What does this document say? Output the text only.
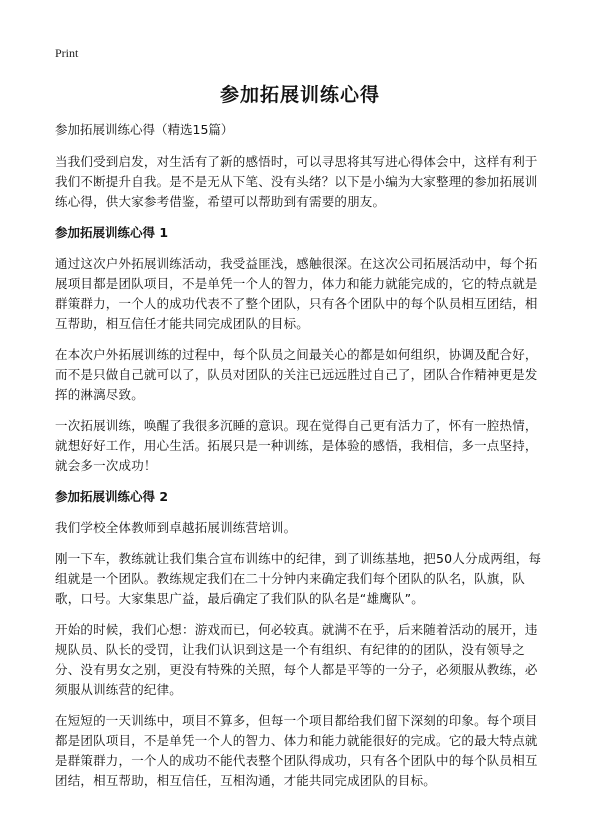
Print
参加拓展训练心得
参加拓展训练心得（精选15篇）

当我们受到启发，对生活有了新的感悟时，可以寻思将其写进心得体会中，这样有利于我们不断提升自我。是不是无从下笔、没有头绪？以下是小编为大家整理的参加拓展训练心得，供大家参考借鉴，希望可以帮助到有需要的朋友。

参加拓展训练心得 1

通过这次户外拓展训练活动，我受益匪浅，感触很深。在这次公司拓展活动中，每个拓展项目都是团队项目，不是单凭一个人的智力，体力和能力就能完成的，它的特点就是群策群力，一个人的成功代表不了整个团队，只有各个团队中的每个队员相互团结，相互帮助，相互信任才能共同完成团队的目标。

在本次户外拓展训练的过程中，每个队员之间最关心的都是如何组织，协调及配合好，而不是只做自己就可以了，队员对团队的关注已远远胜过自己了，团队合作精神更是发挥的淋漓尽致。

一次拓展训练，唤醒了我很多沉睡的意识。现在觉得自己更有活力了，怀有一腔热情，就想好好工作，用心生活。拓展只是一种训练，是体验的感悟，我相信，多一点坚持，就会多一次成功！

参加拓展训练心得 2

我们学校全体教师到卓越拓展训练营培训。

刚一下车，教练就让我们集合宣布训练中的纪律，到了训练基地，把50人分成两组，每组就是一个团队。教练规定我们在二十分钟内来确定我们每个团队的队名，队旗，队歌，口号。大家集思广益，最后确定了我们队的队名是“雄鹰队”。

开始的时候，我们心想：游戏而已，何必较真。就满不在乎，后来随着活动的展开，违规队员、队长的受罚，让我们认识到这是一个有组织、有纪律的的团队，没有领导之分、没有男女之别，更没有特殊的关照，每个人都是平等的一分子，必须服从教练，必须服从训练营的纪律。

在短短的一天训练中，项目不算多，但每一个项目都给我们留下深刻的印象。每个项目都是团队项目，不是单凭一个人的智力、体力和能力就能很好的完成。它的最大特点就是群策群力，一个人的成功不能代表整个团队得成功，只有各个团队中的每个队员相互团结，相互帮助，相互信任，互相沟通，才能共同完成团队的目标。
